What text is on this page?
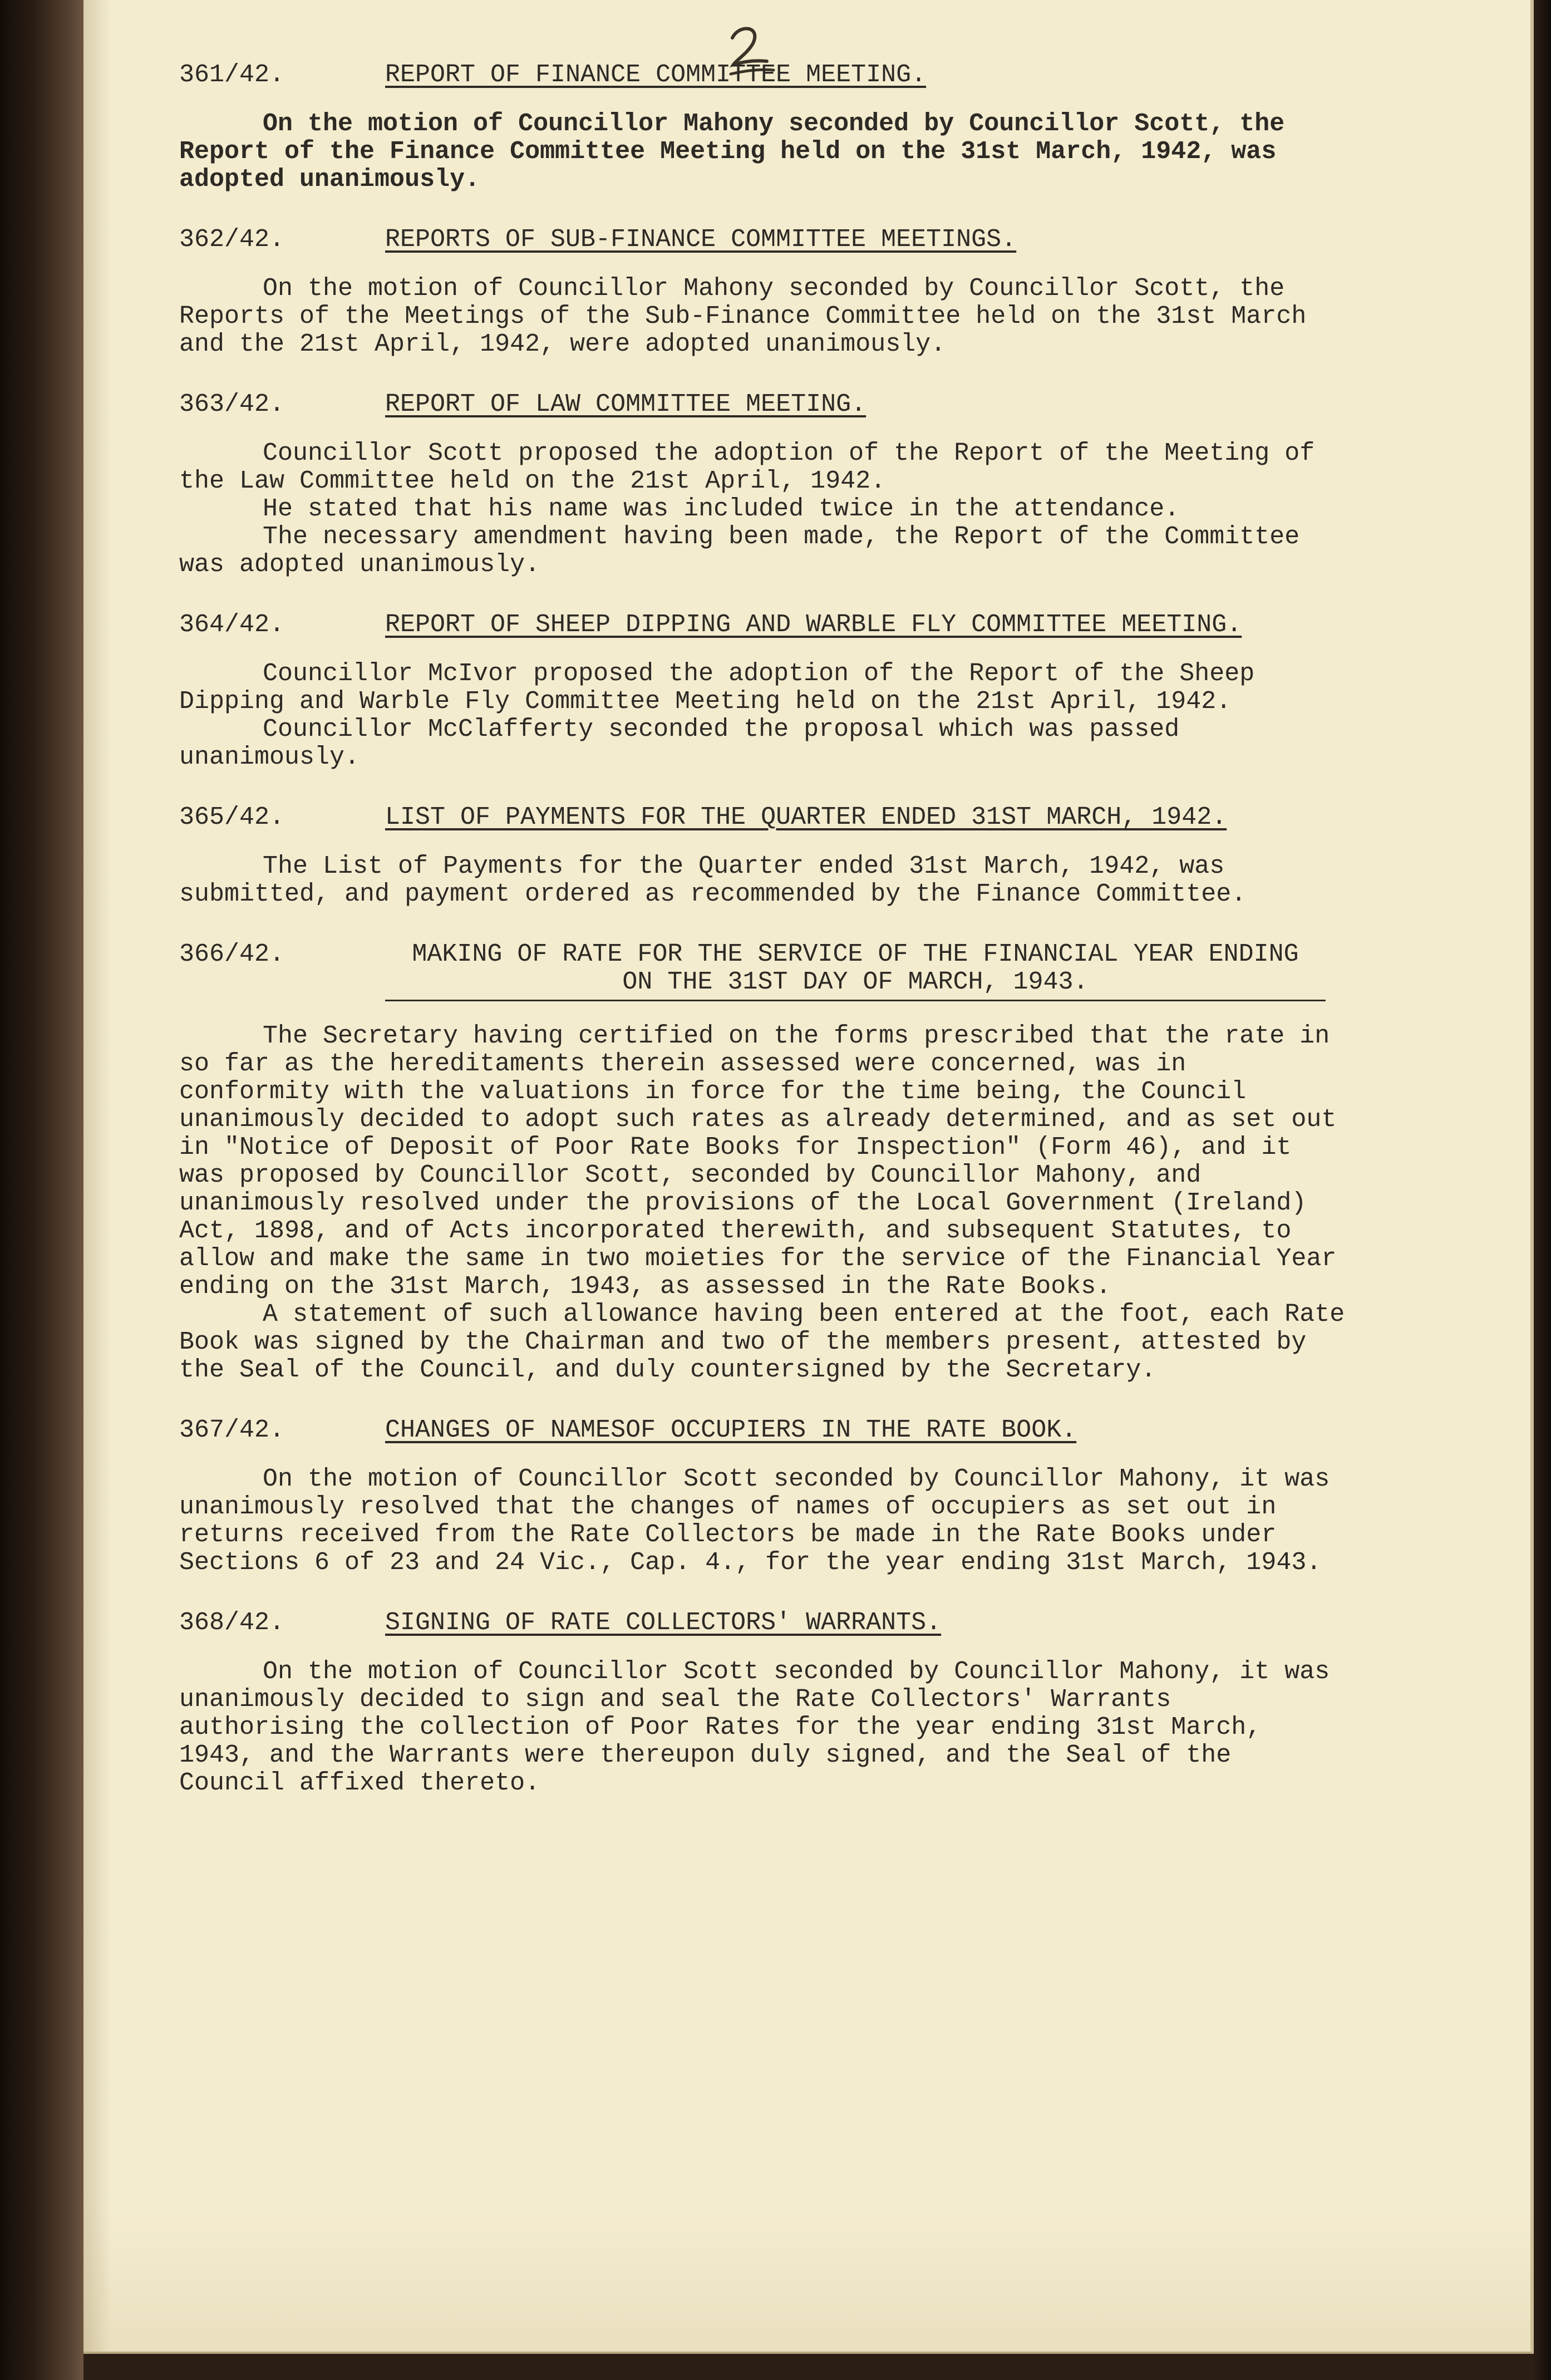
361/42.	REPORT OF FINANCE COMMITTEE MEETING.

On the motion of Councillor Mahony seconded by Councillor Scott, the Report of the Finance Committee Meeting held on the 31st March, 1942, was adopted unanimously.

362/42.	REPORTS OF SUB-FINANCE COMMITTEE MEETINGS.

On the motion of Councillor Mahony seconded by Councillor Scott, the Reports of the Meetings of the Sub-Finance Committee held on the 31st March and the 21st April, 1942, were adopted unanimously.

363/42.	REPORT OF LAW COMMITTEE MEETING.

Councillor Scott proposed the adoption of the Report of the Meeting of the Law Committee held on the 21st April, 1942.

He stated that his name was included twice in the attendance.

The necessary amendment having been made, the Report of the Committee was adopted unanimously.

364/42.	REPORT OF SHEEP DIPPING AND WARBLE FLY COMMITTEE MEETING.

Councillor McIvor proposed the adoption of the Report of the Sheep Dipping and Warble Fly Committee Meeting held on the 21st April, 1942.

Councillor McClafferty seconded the proposal which was passed unanimously.

365/42.	LIST OF PAYMENTS FOR THE QUARTER ENDED 31ST MARCH, 1942.

The List of Payments for the Quarter ended 31st March, 1942, was submitted, and payment ordered as recommended by the Finance Committee.

366/42.	MAKING OF RATE FOR THE SERVICE OF THE FINANCIAL YEAR ENDING
ON THE 31ST DAY OF MARCH, 1943.

The Secretary having certified on the forms prescribed that the rate in so far as the hereditaments therein assessed were concerned, was in conformity with the valuations in force for the time being, the Council unanimously decided to adopt such rates as already determined, and as set out in "Notice of Deposit of Poor Rate Books for Inspection" (Form 46), and it was proposed by Councillor Scott, seconded by Councillor Mahony, and unanimously resolved under the provisions of the Local Government (Ireland) Act, 1898, and of Acts incorporated therewith, and subsequent Statutes, to allow and make the same in two moieties for the service of the Financial Year ending on the 31st March, 1943, as assessed in the Rate Books.

A statement of such allowance having been entered at the foot, each Rate Book was signed by the Chairman and two of the members present, attested by the Seal of the Council, and duly countersigned by the Secretary.

367/42.	CHANGES OF NAMESOF OCCUPIERS IN THE RATE BOOK.

On the motion of Councillor Scott seconded by Councillor Mahony, it was unanimously resolved that the changes of names of occupiers as set out in returns received from the Rate Collectors be made in the Rate Books under Sections 6 of 23 and 24 Vic., Cap. 4., for the year ending 31st March, 1943.

368/42.	SIGNING OF RATE COLLECTORS' WARRANTS.

On the motion of Councillor Scott seconded by Councillor Mahony, it was unanimously decided to sign and seal the Rate Collectors' Warrants authorising the collection of Poor Rates for the year ending 31st March, 1943, and the Warrants were thereupon duly signed, and the Seal of the Council affixed thereto.
